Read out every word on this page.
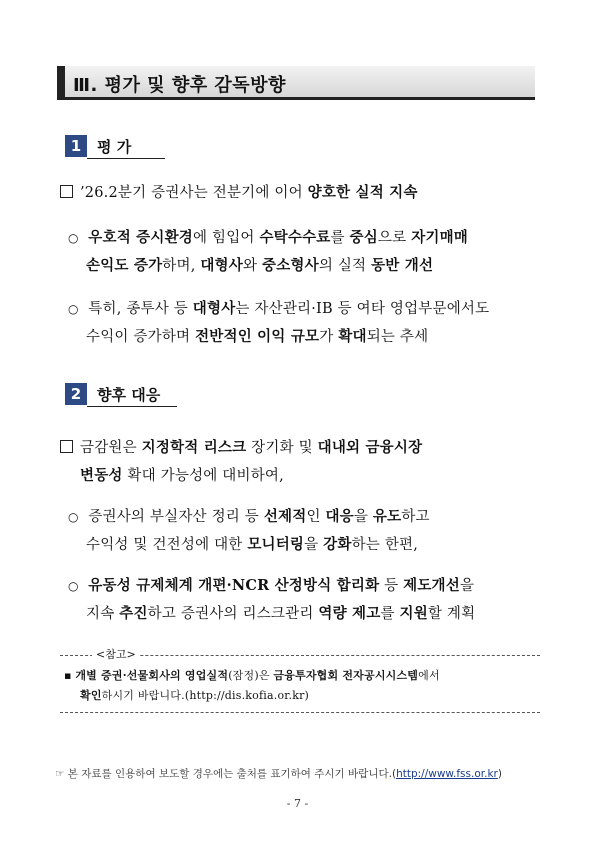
Ⅲ. 평가 및 향후 감독방향
1	평 가
’26.2분기 증권사는 전분기에 이어 양호한 실적 지속
○ 우호적 증시환경에 힘입어 수탁수수료를 중심으로 자기매매
손익도 증가하며, 대형사와 중소형사의 실적 동반 개선
○ 특히, 종투사 등 대형사는 자산관리·IB 등 여타 영업부문에서도
수익이 증가하며 전반적인 이익 규모가 확대되는 추세
2	향후 대응
금감원은 지정학적 리스크 장기화 및 대내외 금융시장
변동성 확대 가능성에 대비하여,
○ 증권사의 부실자산 정리 등 선제적인 대응을 유도하고
수익성 및 건전성에 대한 모니터링을 강화하는 한편,
○ 유동성 규제체계 개편·NCR 산정방식 합리화 등 제도개선을
지속 추진하고 증권사의 리스크관리 역량 제고를 지원할 계획
▪ 개별 증권·선물회사의 영업실적(잠정)은 금융투자협회 전자공시시스템에서
확인하시기 바랍니다.(http://dis.kofia.or.kr)
<참고>
☞ 본 자료를 인용하여 보도할 경우에는 출처를 표기하여 주시기 바랍니다.(http://www.fss.or.kr)
- 7 -
